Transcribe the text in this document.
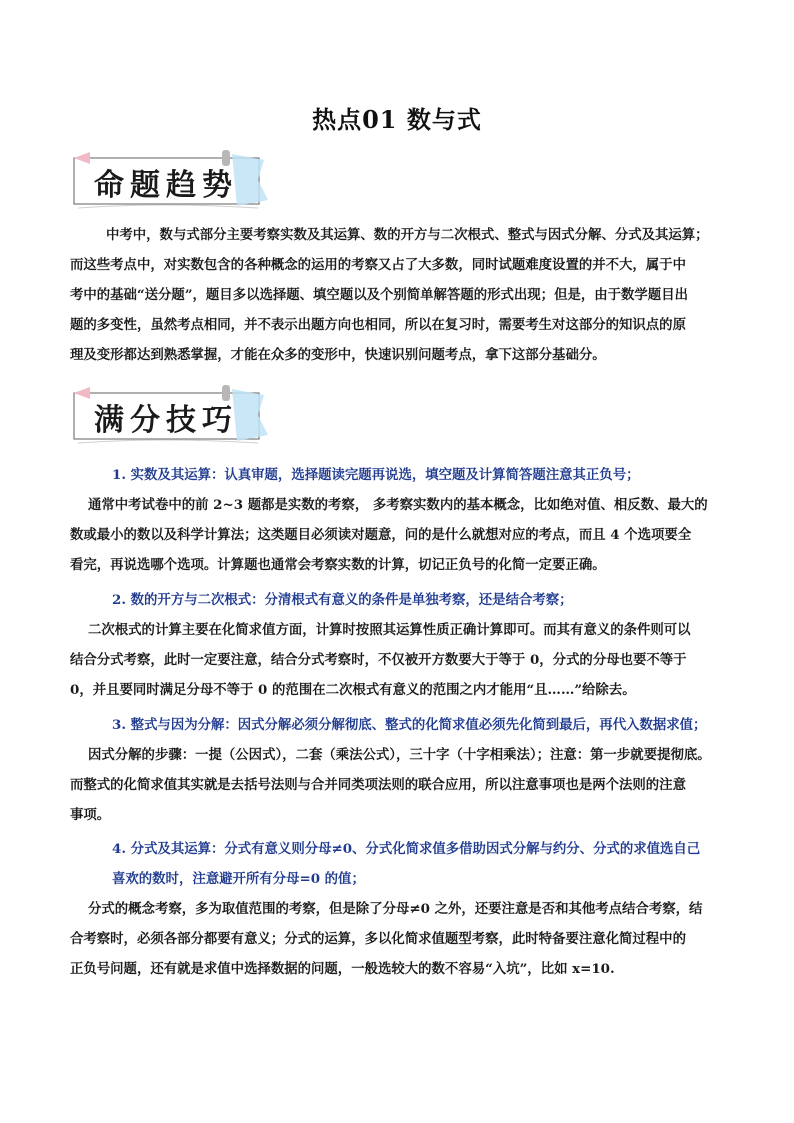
热点01 数与式
命题趋势
中考中，数与式部分主要考察实数及其运算、数的开方与二次根式、整式与因式分解、分式及其运算；
而这些考点中，对实数包含的各种概念的运用的考察又占了大多数，同时试题难度设置的并不大，属于中
考中的基础“送分题”，题目多以选择题、填空题以及个别简单解答题的形式出现；但是，由于数学题目出
题的多变性，虽然考点相同，并不表示出题方向也相同，所以在复习时，需要考生对这部分的知识点的原
理及变形都达到熟悉掌握，才能在众多的变形中，快速识别问题考点，拿下这部分基础分。
满分技巧
1. 实数及其运算：认真审题，选择题读完题再说选，填空题及计算简答题注意其正负号；
通常中考试卷中的前 2~3 题都是实数的考察， 多考察实数内的基本概念，比如绝对值、相反数、最大的
数或最小的数以及科学计算法；这类题目必须读对题意，问的是什么就想对应的考点，而且 4 个选项要全
看完，再说选哪个选项。计算题也通常会考察实数的计算，切记正负号的化简一定要正确。
2. 数的开方与二次根式：分清根式有意义的条件是单独考察，还是结合考察；
二次根式的计算主要在化简求值方面，计算时按照其运算性质正确计算即可。而其有意义的条件则可以
结合分式考察，此时一定要注意，结合分式考察时，不仅被开方数要大于等于 0，分式的分母也要不等于
0，并且要同时满足分母不等于 0 的范围在二次根式有意义的范围之内才能用“且……”给除去。
3. 整式与因为分解：因式分解必须分解彻底、整式的化简求值必须先化简到最后，再代入数据求值；
因式分解的步骤：一提（公因式），二套（乘法公式），三十字（十字相乘法）；注意：第一步就要提彻底。
而整式的化简求值其实就是去括号法则与合并同类项法则的联合应用，所以注意事项也是两个法则的注意
事项。
4. 分式及其运算：分式有意义则分母≠0、分式化简求值多借助因式分解与约分、分式的求值选自己
喜欢的数时，注意避开所有分母=0 的值；
分式的概念考察，多为取值范围的考察，但是除了分母≠0 之外，还要注意是否和其他考点结合考察，结
合考察时，必须各部分都要有意义；分式的运算，多以化简求值题型考察，此时特备要注意化简过程中的
正负号问题，还有就是求值中选择数据的问题，一般选较大的数不容易“入坑”，比如 x=10.
